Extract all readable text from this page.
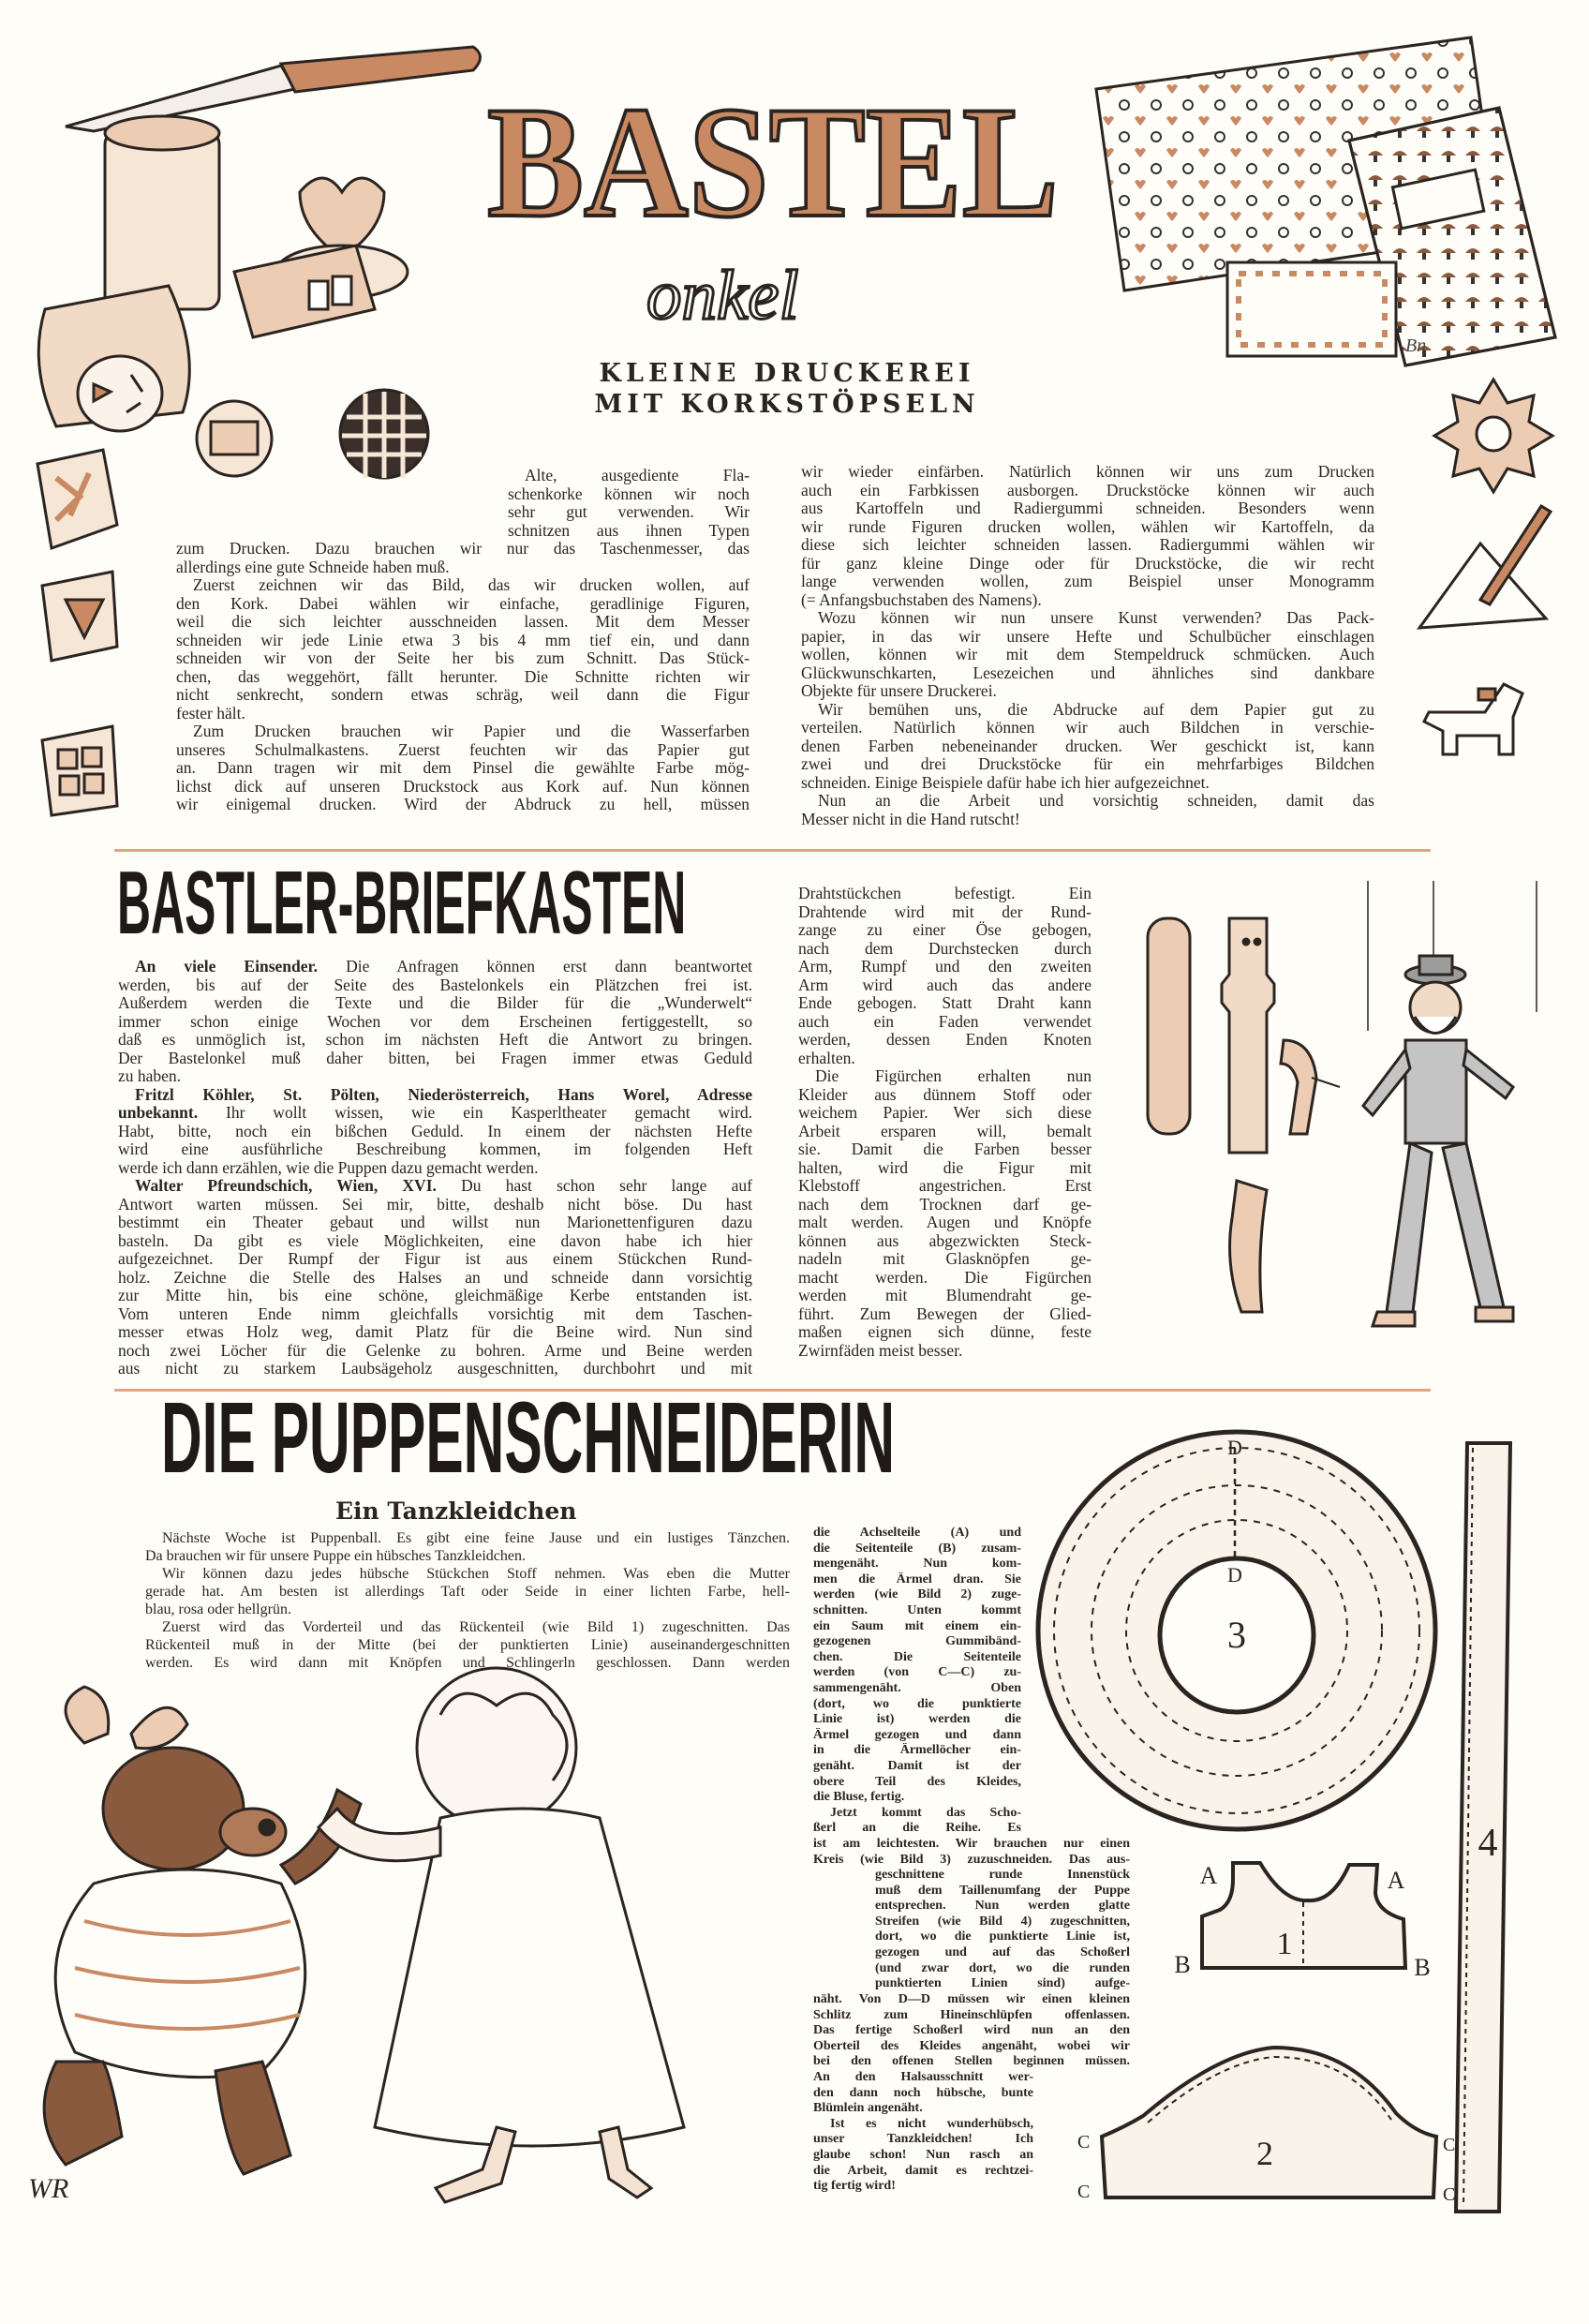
Bn
WR
D
D
3
4
1
A	A
B	B
2
C
C
C
C
BASTEL
onkel
KLEINE DRUCKEREI
MIT KORKSTÖPSELN
Alte, ausgediente Fla-
schenkorke können wir noch
sehr gut verwenden. Wir
schnitzen aus ihnen Typen
zum Drucken. Dazu brauchen wir nur das Taschenmesser, das
allerdings eine gute Schneide haben muß.
Zuerst zeichnen wir das Bild, das wir drucken wollen, auf
den Kork. Dabei wählen wir einfache, geradlinige Figuren,
weil die sich leichter ausschneiden lassen. Mit dem Messer
schneiden wir jede Linie etwa 3 bis 4 mm tief ein, und dann
schneiden wir von der Seite her bis zum Schnitt. Das Stück-
chen, das weggehört, fällt herunter. Die Schnitte richten wir
nicht senkrecht, sondern etwas schräg, weil dann die Figur
fester hält.
Zum Drucken brauchen wir Papier und die Wasserfarben
unseres Schulmalkastens. Zuerst feuchten wir das Papier gut
an. Dann tragen wir mit dem Pinsel die gewählte Farbe mög-
lichst dick auf unseren Druckstock aus Kork auf. Nun können
wir einigemal drucken. Wird der Abdruck zu hell, müssen
wir wieder einfärben. Natürlich können wir uns zum Drucken
auch ein Farbkissen ausborgen. Druckstöcke können wir auch
aus Kartoffeln und Radiergummi schneiden. Besonders wenn
wir runde Figuren drucken wollen, wählen wir Kartoffeln, da
diese sich leichter schneiden lassen. Radiergummi wählen wir
für ganz kleine Dinge oder für Druckstöcke, die wir recht
lange verwenden wollen, zum Beispiel unser Monogramm
(= Anfangsbuchstaben des Namens).
Wozu können wir nun unsere Kunst verwenden? Das Pack-
papier, in das wir unsere Hefte und Schulbücher einschlagen
wollen, können wir mit dem Stempeldruck schmücken. Auch
Glückwunschkarten, Lesezeichen und ähnliches sind dankbare
Objekte für unsere Druckerei.
Wir bemühen uns, die Abdrucke auf dem Papier gut zu
verteilen. Natürlich können wir auch Bildchen in verschie-
denen Farben nebeneinander drucken. Wer geschickt ist, kann
zwei und drei Druckstöcke für ein mehrfarbiges Bildchen
schneiden. Einige Beispiele dafür habe ich hier aufgezeichnet.
Nun an die Arbeit und vorsichtig schneiden, damit das
Messer nicht in die Hand rutscht!
BASTLER-BRIEFKASTEN
An viele Einsender. Die Anfragen können erst dann beantwortet
werden, bis auf der Seite des Bastelonkels ein Plätzchen frei ist.
Außerdem werden die Texte und die Bilder für die „Wunderwelt“
immer schon einige Wochen vor dem Erscheinen fertiggestellt, so
daß es unmöglich ist, schon im nächsten Heft die Antwort zu bringen.
Der Bastelonkel muß daher bitten, bei Fragen immer etwas Geduld
zu haben.
Fritzl Köhler, St. Pölten, Niederösterreich, Hans Worel, Adresse
unbekannt. Ihr wollt wissen, wie ein Kasperltheater gemacht wird.
Habt, bitte, noch ein bißchen Geduld. In einem der nächsten Hefte
wird eine ausführliche Beschreibung kommen, im folgenden Heft
werde ich dann erzählen, wie die Puppen dazu gemacht werden.
Walter Pfreundschich, Wien, XVI. Du hast schon sehr lange auf
Antwort warten müssen. Sei mir, bitte, deshalb nicht böse. Du hast
bestimmt ein Theater gebaut und willst nun Marionettenfiguren dazu
basteln. Da gibt es viele Möglichkeiten, eine davon habe ich hier
aufgezeichnet. Der Rumpf der Figur ist aus einem Stückchen Rund-
holz. Zeichne die Stelle des Halses an und schneide dann vorsichtig
zur Mitte hin, bis eine schöne, gleichmäßige Kerbe entstanden ist.
Vom unteren Ende nimm gleichfalls vorsichtig mit dem Taschen-
messer etwas Holz weg, damit Platz für die Beine wird. Nun sind
noch zwei Löcher für die Gelenke zu bohren. Arme und Beine werden
aus nicht zu starkem Laubsägeholz ausgeschnitten, durchbohrt und mit
Drahtstückchen befestigt. Ein
Drahtende wird mit der Rund-
zange zu einer Öse gebogen,
nach dem Durchstecken durch
Arm, Rumpf und den zweiten
Arm wird auch das andere
Ende gebogen. Statt Draht kann
auch ein Faden verwendet
werden, dessen Enden Knoten
erhalten.
Die Figürchen erhalten nun
Kleider aus dünnem Stoff oder
weichem Papier. Wer sich diese
Arbeit ersparen will, bemalt
sie. Damit die Farben besser
halten, wird die Figur mit
Klebstoff angestrichen. Erst
nach dem Trocknen darf ge-
malt werden. Augen und Knöpfe
können aus abgezwickten Steck-
nadeln mit Glasknöpfen ge-
macht werden. Die Figürchen
werden mit Blumendraht ge-
führt. Zum Bewegen der Glied-
maßen eignen sich dünne, feste
Zwirnfäden meist besser.
DIE PUPPENSCHNEIDERIN
Ein Tanzkleidchen
Nächste Woche ist Puppenball. Es gibt eine feine Jause und ein lustiges Tänzchen.
Da brauchen wir für unsere Puppe ein hübsches Tanzkleidchen.
Wir können dazu jedes hübsche Stückchen Stoff nehmen. Was eben die Mutter
gerade hat. Am besten ist allerdings Taft oder Seide in einer lichten Farbe, hell-
blau, rosa oder hellgrün.
Zuerst wird das Vorderteil und das Rückenteil (wie Bild 1) zugeschnitten. Das
Rückenteil muß in der Mitte (bei der punktierten Linie) auseinandergeschnitten
werden. Es wird dann mit Knöpfen und Schlingerln geschlossen. Dann werden
die Achselteile (A) und
die Seitenteile (B) zusam-
mengenäht. Nun kom-
men die Ärmel dran. Sie
werden (wie Bild 2) zuge-
schnitten. Unten kommt
ein Saum mit einem ein-
gezogenen Gummibänd-
chen. Die Seitenteile
werden (von C—C) zu-
sammengenäht. Oben
(dort, wo die punktierte
Linie ist) werden die
Ärmel gezogen und dann
in die Ärmellöcher ein-
genäht. Damit ist der
obere Teil des Kleides,
die Bluse, fertig.
Jetzt kommt das Scho-
ßerl an die Reihe. Es
ist am leichtesten. Wir brauchen nur einen
Kreis (wie Bild 3) zuzuschneiden. Das aus-
geschnittene runde Innenstück
muß dem Taillenumfang der Puppe
entsprechen. Nun werden glatte
Streifen (wie Bild 4) zugeschnitten,
dort, wo die punktierte Linie ist,
gezogen und auf das Schoßerl
(und zwar dort, wo die runden
punktierten Linien sind) aufge-
näht. Von D—D müssen wir einen kleinen
Schlitz zum Hineinschlüpfen offenlassen.
Das fertige Schoßerl wird nun an den
Oberteil des Kleides angenäht, wobei wir
bei den offenen Stellen beginnen müssen.
An den Halsausschnitt wer-
den dann noch hübsche, bunte
Blümlein angenäht.
Ist es nicht wunderhübsch,
unser Tanzkleidchen! Ich
glaube schon! Nun rasch an
die Arbeit, damit es rechtzei-
tig fertig wird!
